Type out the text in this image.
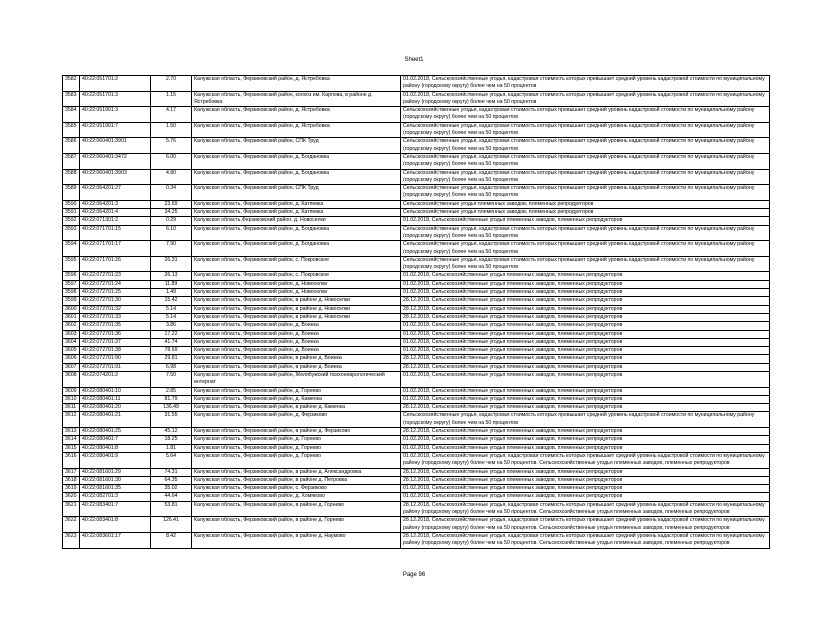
Sheet1
3582	40:22:051701:2	2.70	Калужская область, Ферзиковский район, д. Ястребовка	01.02.2018, Сельскохозяйственные угодья, кадастровая стоимость которых превышает средний уровень кадастровой стоимости по муниципальному району (городскому округу) более чем на 50 процентов
3583	40:22:051701:3	1.15	Калужская область, Ферзиковский район, колхоз им. Карпова, в районе д. Ястребовка	01.02.2018, Сельскохозяйственные угодья, кадастровая стоимость которых превышает средний уровень кадастровой стоимости по муниципальному району (городскому округу) более чем на 50 процентов
3584	40:22:051901:3	4.17	Калужская область, Ферзиковский район, д. Ястребовка	Сельскохозяйственные угодья, кадастровая стоимость которых превышает средний уровень кадастровой стоимости по муниципальному району (городскому округу) более чем на 50 процентов
3585	40:22:051901:7	1.50	Калужская область, Ферзиковский район, д. Ястребовка	Сельскохозяйственные угодья, кадастровая стоимость которых превышает средний уровень кадастровой стоимости по муниципальному району (городскому округу) более чем на 50 процентов
3586	40:22:060401:3901	5.76	Калужская область, Ферзиковский район, СПК Труд	Сельскохозяйственные угодья, кадастровая стоимость которых превышает средний уровень кадастровой стоимости по муниципальному району (городскому округу) более чем на 50 процентов
3587	40:22:060401:3472	6.00	Калужская область, Ферзиковский район, д. Богдановка	Сельскохозяйственные угодья, кадастровая стоимость которых превышает средний уровень кадастровой стоимости по муниципальному району (городскому округу) более чем на 50 процентов
3588	40:22:060401:3903	4.90	Калужская область, Ферзиковский район, д. Богдановка	Сельскохозяйственные угодья, кадастровая стоимость которых превышает средний уровень кадастровой стоимости по муниципальному району (городскому округу) более чем на 50 процентов
3589	40:22:064201:27	0.34	Калужская область, Ферзиковский район, СПК Труд	Сельскохозяйственные угодья, кадастровая стоимость которых превышает средний уровень кадастровой стоимости по муниципальному району (городскому округу) более чем на 50 процентов
3590	40:22:064201:3	23.69	Калужская область, Ферзиковский район, д. Катпевка	Сельскохозяйственные угодья племенных заводов, племенных репродукторов
3591	40:22:064201:4	34.25	Калужская область, Ферзиковский район, д. Катпевка	Сельскохозяйственные угодья племенных заводов, племенных репродукторов
3592	40:22:071301:2	0.29	Калужская область,Ферзиковский район, д. Новоселки	01.02.2018, Сельскохозяйственные угодья племенных заводов, племенных репродукторов
3593	40:22:071701:15	6.10	Калужская область, Ферзиковский район, д. Богдановка	Сельскохозяйственные угодья, кадастровая стоимость которых превышает средний уровень кадастровой стоимости по муниципальному району (городскому округу) более чем на 50 процентов
3594	40:22:071701:17	7.90	Калужская область, Ферзиковский район, д. Богдановка	Сельскохозяйственные угодья, кадастровая стоимость которых превышает средний уровень кадастровой стоимости по муниципальному району (городскому округу) более чем на 50 процентов
3595	40:22:071701:26	26.31	Калужская область, Ферзиковский район, с. Покровское	Сельскохозяйственные угодья, кадастровая стоимость которых превышает средний уровень кадастровой стоимости по муниципальному району (городскому округу) более чем на 50 процентов
3596	40:22:072701:23	26.13	Калужская область, Ферзиковский район, с. Покровское	01.02.2018, Сельскохозяйственные угодья племенных заводов, племенных репродукторов
3597	40:22:072701:24	11.89	Калужская область, Ферзиковский район, д. Новоселки	01.02.2018, Сельскохозяйственные угодья племенных заводов, племенных репродукторов
3598	40:22:072701:25	1.49	Калужская область, Ферзиковский район, д. Новоселки	01.02.2018, Сельскохозяйственные угодья племенных заводов, племенных репродукторов
3599	40:22:072701:30	15.42	Калужская область, Ферзиковский район, в районе д. Новоселки	28.12.2018, Сельскохозяйственные угодья племенных заводов, племенных репродукторов
3600	40:22:072701:32	5.14	Калужская область, Ферзиковский район, в районе д. Новоселки	28.12.2018, Сельскохозяйственные угодья племенных заводов, племенных репродукторов
3601	40:22:072701:33	5.14	Калужская область, Ферзиковский район, в районе д. Новоселки	28.12.2018, Сельскохозяйственные угодья племенных заводов, племенных репродукторов
3602	40:22:072701:35	3.86	Калужская область, Ферзиковский район, д. Воинка	01.02.2018, Сельскохозяйственные угодья племенных заводов, племенных репродукторов
3603	40:22:072701:36	17.22	Калужская область, Ферзиковский район, д. Воинка	01.02.2018, Сельскохозяйственные угодья племенных заводов, племенных репродукторов
3604	40:22:072701:37	41.74	Калужская область, Ферзиковский район, д. Воинка	01.02.2018, Сельскохозяйственные угодья племенных заводов, племенных репродукторов
3605	40:22:072701:38	78.69	Калужская область, Ферзиковский район, д. Воинка	01.02.2018, Сельскохозяйственные угодья племенных заводов, племенных репродукторов
3606	40:22:072701:90	29.81	Калужская область, Ферзиковский район, в районе д. Воинка	28.12.2018, Сельскохозяйственные угодья племенных заводов, племенных репродукторов
3607	40:22:072701:91	6.98	Калужская область, Ферзиковский район, в районе д. Воинка	28.12.2018, Сельскохозяйственные угодья племенных заводов, племенных репродукторов
3608	40:22:074201:2	7.50	Калужская область, Ферзиковский район, Желябужский психоневрологический интернат	01.02.2018, Сельскохозяйственные угодья племенных заводов, племенных репродукторов
3609	40:22:080401:10	2.85	Калужская область, Ферзиковский район, д. Горнево	01.02.2018, Сельскохозяйственные угодья племенных заводов, племенных репродукторов
3610	40:22:080401:11	81.79	Калужская область, Ферзиковский район, д. Каменка	01.02.2018, Сельскохозяйственные угодья племенных заводов, племенных репродукторов
3611	40:22:080401:20	136.49	Калужская область, Ферзиковский район, в районе д. Каменка	28.12.2018, Сельскохозяйственные угодья племенных заводов, племенных репродукторов
3612	40:22:080401:21	31.55	Калужская область, Ферзиковский район, д. Ферзиково	Сельскохозяйственные угодья, кадастровая стоимость которых превышает средний уровень кадастровой стоимости по муниципальному району (городскому округу) более чем на 50 процентов
3613	40:22:080401:25	45.12	Калужская область, Ферзиковский район, в районе д. Ферзиково	28.12.2018, Сельскохозяйственные угодья племенных заводов, племенных репродукторов
3614	40:22:080401:7	18.25	Калужская область, Ферзиковский район, д. Горнево	01.02.2018, Сельскохозяйственные угодья племенных заводов, племенных репродукторов
3615	40:22:080401:8	1.81	Калужская область, Ферзиковский район, д. Горнево	01.02.2018, Сельскохозяйственные угодья племенных заводов, племенных репродукторов
3616	40:22:080401:9	5.64	Калужская область, Ферзиковский район, д. Горнево	01.02.2018, Сельскохозяйственные угодья, кадастровая стоимость которых превышает средний уровень кадастровой стоимости по муниципальному району (городскому округу) более чем на 50 процентов. Сельскохозяйственные угодья племенных заводов, племенных репродукторов
3617	40:22:081601:29	74.31	Калужская область, Ферзиковский район, в районе д. Александровка	28.12.2018, Сельскохозяйственные угодья племенных заводов, племенных репродукторов
3618	40:22:081601:30	64.35	Калужская область, Ферзиковский район, в районе д. Петровка	28.12.2018, Сельскохозяйственные угодья племенных заводов, племенных репродукторов
3619	40:22:081601:35	35.02	Калужская область, Ферзиковский район, с. Ферзиково	01.02.2018, Сельскохозяйственные угодья племенных заводов, племенных репродукторов
3620	40:22:082701:3	44.64	Калужская область, Ферзиковский район, д. Хомяково	01.02.2018, Сельскохозяйственные угодья племенных заводов, племенных репродукторов
3621	40:22:083401:7	53.81	Калужская область, Ферзиковский район, в районе д. Горнево	28.12.2018, Сельскохозяйственные угодья, кадастровая стоимость которых превышает средний уровень кадастровой стоимости по муниципальному району (городскому округу) более чем на 50 процентов. Сельскохозяйственные угодья племенных заводов, племенных репродукторов
3622	40:22:083401:8	126.41	Калужская область, Ферзиковский район, в районе д. Горнево	28.12.2018, Сельскохозяйственные угодья, кадастровая стоимость которых превышает средний уровень кадастровой стоимости по муниципальному району (городскому округу) более чем на 50 процентов. Сельскохозяйственные угодья племенных заводов, племенных репродукторов
3623	40:22:083601:17	8.42	Калужская область, Ферзиковский район, в районе д. Наумово	28.12.2018, Сельскохозяйственные угодья, кадастровая стоимость которых превышает средний уровень кадастровой стоимости по муниципальному району (городскому округу) более чем на 50 процентов. Сельскохозяйственные угодья племенных заводов, племенных репродукторов
Page 96
